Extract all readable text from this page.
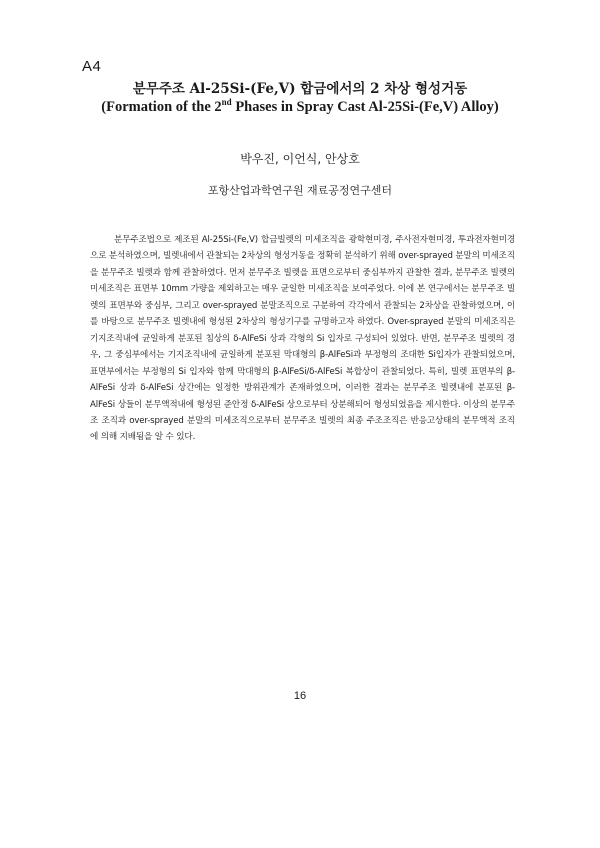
A4

분무주조 Al-25Si-(Fe,V) 합금에서의 2 차상 형성거동

(Formation of the 2nd Phases in Spray Cast Al-25Si-(Fe,V) Alloy)

박우진, 이언식, 안상호
포항산업과학연구원 재료공정연구센터

분무주조법으로 제조된 Al-25Si-(Fe,V) 합금빌렛의 미세조직을 광학현미경, 주사전자현미경, 투과전자현미경으로 분석하였으며, 빌렛내에서 관찰되는 2차상의 형성거동을 정확히 분석하기 위해 over-sprayed 분말의 미세조직을 분무주조 빌렛과 함께 관찰하였다. 먼저 분무주조 빌렛을 표면으로부터 중심부까지 관찰한 결과, 분무주조 빌렛의 미세조직은 표면부 10mm 가량을 제외하고는 매우 균일한 미세조직을 보여주었다. 이에 본 연구에서는 분무주조 빌렛의 표면부와 중심부, 그리고 over-sprayed 분말조직으로 구분하여 각각에서 관찰되는 2차상을 관찰하였으며, 이를 바탕으로 분무주조 빌렛내에 형성된 2차상의 형성기구를 규명하고자 하였다. Over-sprayed 분말의 미세조직은 기지조직내에 균일하게 분포된 침상의 δ-AlFeSi 상과 각형의 Si 입자로 구성되어 있었다. 반면, 분무주조 빌렛의 경우, 그 중심부에서는 기지조직내에 균일하게 분포된 막대형의 β-AlFeSi과 부정형의 조대한 Si입자가 관찰되었으며, 표면부에서는 부정형의 Si 입자와 함께 막대형의 β-AlFeSi/δ-AlFeSi 복합상이 관찰되었다. 특히, 빌렛 표면부의 β-AlFeSi 상과 δ-AlFeSi 상간에는 일정한 방위관계가 존재하였으며, 이러한 결과는 분무주조 빌렛내에 분포된 β-AlFeSi 상들이 분무액적내에 형성된 준안정 δ-AlFeSi 상으로부터 상분해되어 형성되었음을 제시한다. 이상의 분무주조 조직과 over-sprayed 분말의 미세조직으로부터 분무주조 빌렛의 최종 주조조직은 반응고상태의 분무액적 조직에 의해 지배됨을 알 수 있다.

16
